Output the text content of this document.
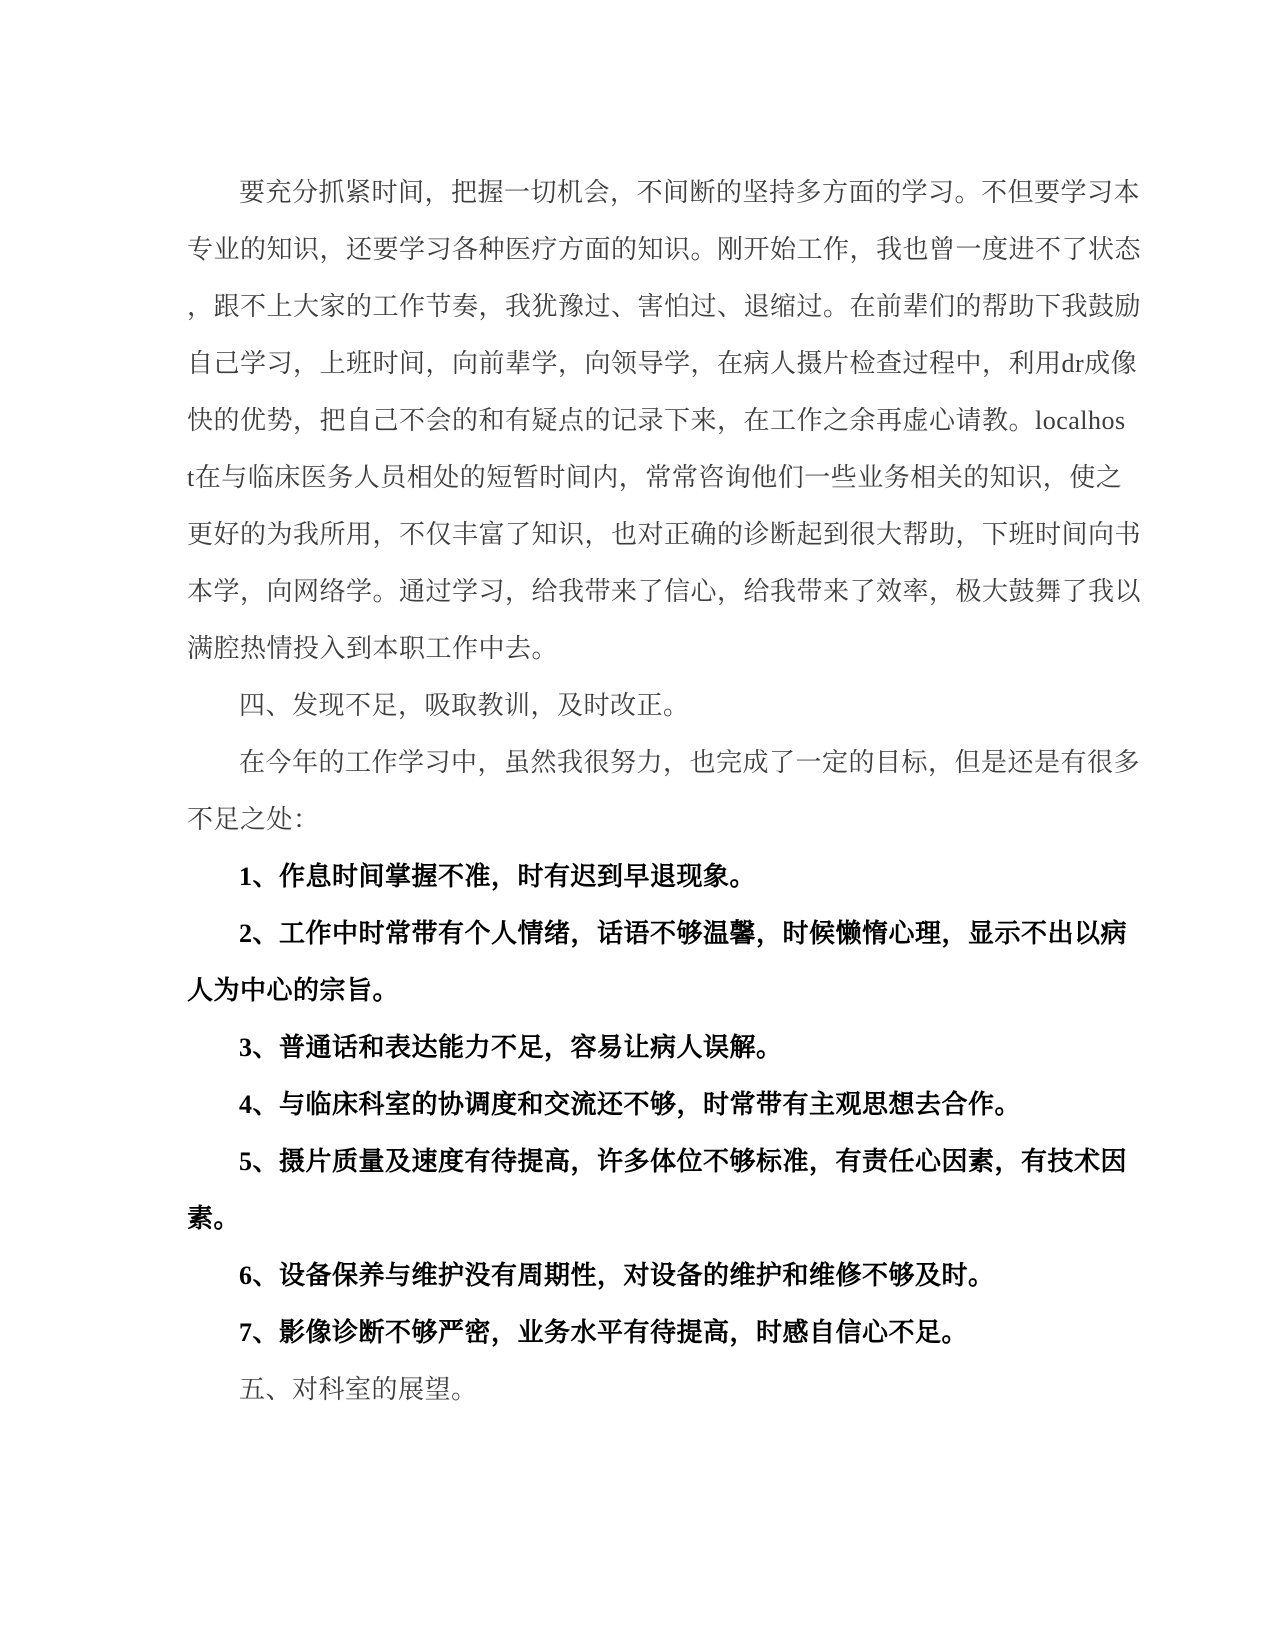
要充分抓紧时间，把握一切机会，不间断的坚持多方面的学习。不但要学习本
专业的知识，还要学习各种医疗方面的知识。刚开始工作，我也曾一度进不了状态
，跟不上大家的工作节奏，我犹豫过、害怕过、退缩过。在前辈们的帮助下我鼓励
自己学习，上班时间，向前辈学，向领导学，在病人摄片检查过程中，利用dr成像
快的优势，把自己不会的和有疑点的记录下来，在工作之余再虚心请教。localhos
t在与临床医务人员相处的短暂时间内，常常咨询他们一些业务相关的知识，使之
更好的为我所用，不仅丰富了知识，也对正确的诊断起到很大帮助，下班时间向书
本学，向网络学。通过学习，给我带来了信心，给我带来了效率，极大鼓舞了我以
满腔热情投入到本职工作中去。
四、发现不足，吸取教训，及时改正。
在今年的工作学习中，虽然我很努力，也完成了一定的目标，但是还是有很多
不足之处：
1、作息时间掌握不准，时有迟到早退现象。
2、工作中时常带有个人情绪，话语不够温馨，时候懒惰心理，显示不出以病
人为中心的宗旨。
3、普通话和表达能力不足，容易让病人误解。
4、与临床科室的协调度和交流还不够，时常带有主观思想去合作。
5、摄片质量及速度有待提高，许多体位不够标准，有责任心因素，有技术因
素。
6、设备保养与维护没有周期性，对设备的维护和维修不够及时。
7、影像诊断不够严密，业务水平有待提高，时感自信心不足。
五、对科室的展望。
